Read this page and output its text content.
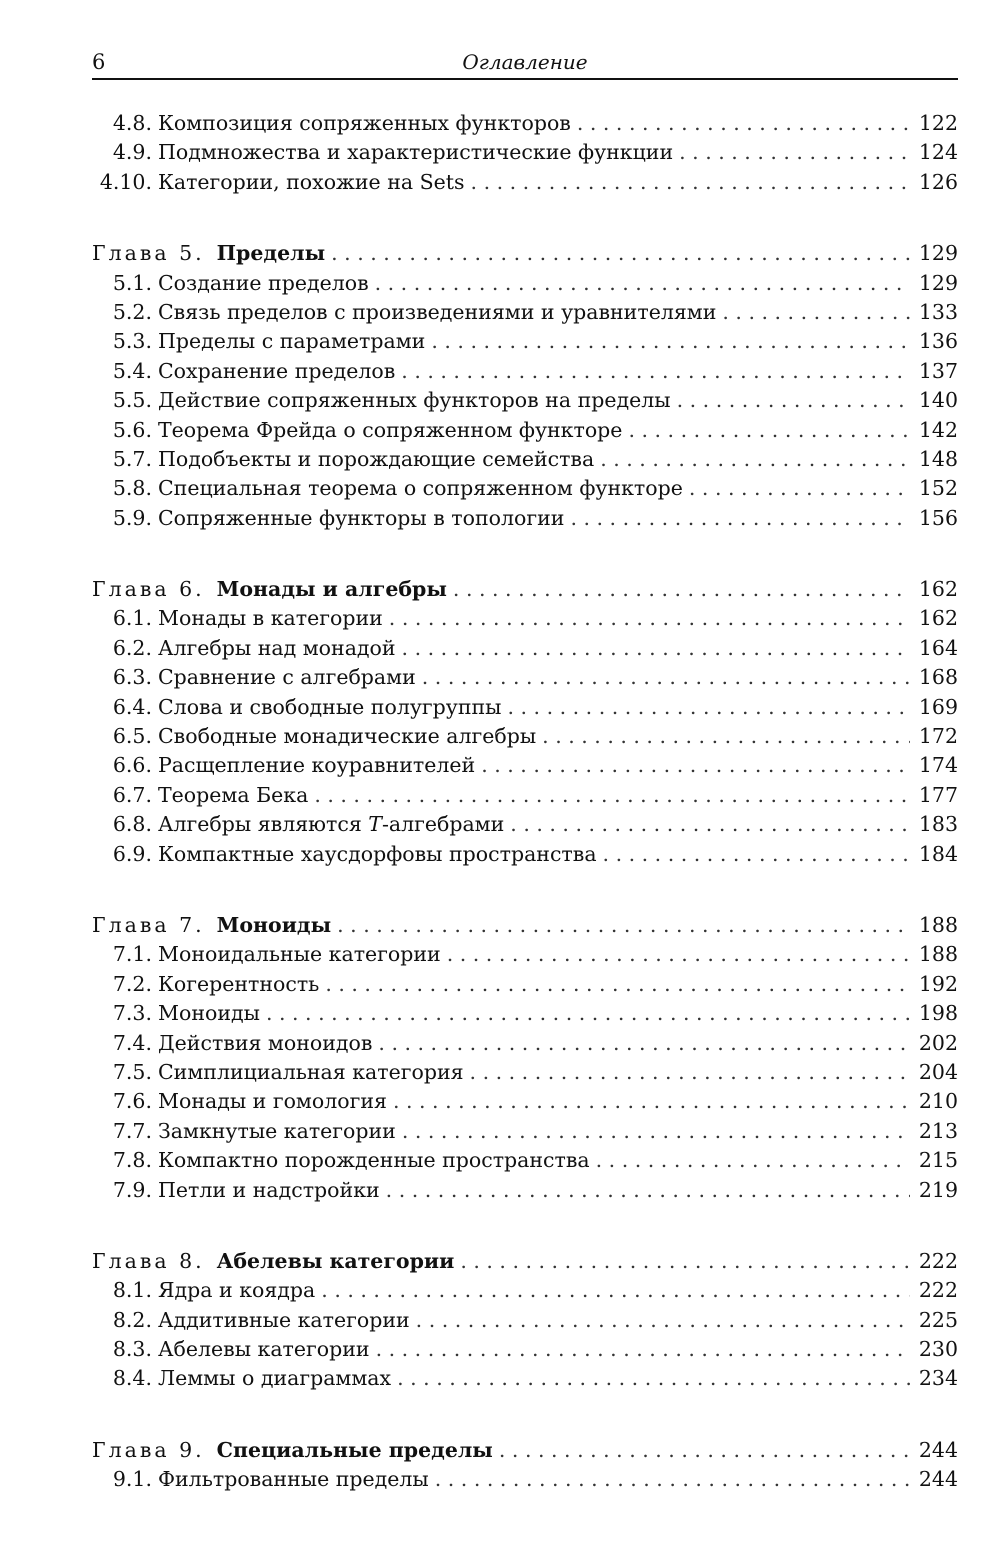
6	Оглавление
4.8. Композиция сопряженных функторов . . .	122
4.9. Подмножества и характеристические функции . . .	124
4.10. Категории, похожие на Sets . . .	126
Глава 5. Пределы . . .	129
5.1. Создание пределов . . .	129
5.2. Связь пределов с произведениями и уравнителями . . .	133
5.3. Пределы с параметрами . . .	136
5.4. Сохранение пределов . . .	137
5.5. Действие сопряженных функторов на пределы . . .	140
5.6. Теорема Фрейда о сопряженном функторе . . .	142
5.7. Подобъекты и порождающие семейства . . .	148
5.8. Специальная теорема о сопряженном функторе . . .	152
5.9. Сопряженные функторы в топологии . . .	156
Глава 6. Монады и алгебры . . .	162
6.1. Монады в категории . . .	162
6.2. Алгебры над монадой . . .	164
6.3. Сравнение с алгебрами . . .	168
6.4. Слова и свободные полугруппы . . .	169
6.5. Свободные монадические алгебры . . .	172
6.6. Расщепление коуравнителей . . .	174
6.7. Теорема Бека . . .	177
6.8. Алгебры являются T-алгебрами . . .	183
6.9. Компактные хаусдорфовы пространства . . .	184
Глава 7. Моноиды . . .	188
7.1. Моноидальные категории . . .	188
7.2. Когерентность . . .	192
7.3. Моноиды . . .	198
7.4. Действия моноидов . . .	202
7.5. Симплициальная категория . . .	204
7.6. Монады и гомология . . .	210
7.7. Замкнутые категории . . .	213
7.8. Компактно порожденные пространства . . .	215
7.9. Петли и надстройки . . .	219
Глава 8. Абелевы категории . . .	222
8.1. Ядра и коядра . . .	222
8.2. Аддитивные категории . . .	225
8.3. Абелевы категории . . .	230
8.4. Леммы о диаграммах . . .	234
Глава 9. Специальные пределы . . .	244
9.1. Фильтрованные пределы . . .	244
